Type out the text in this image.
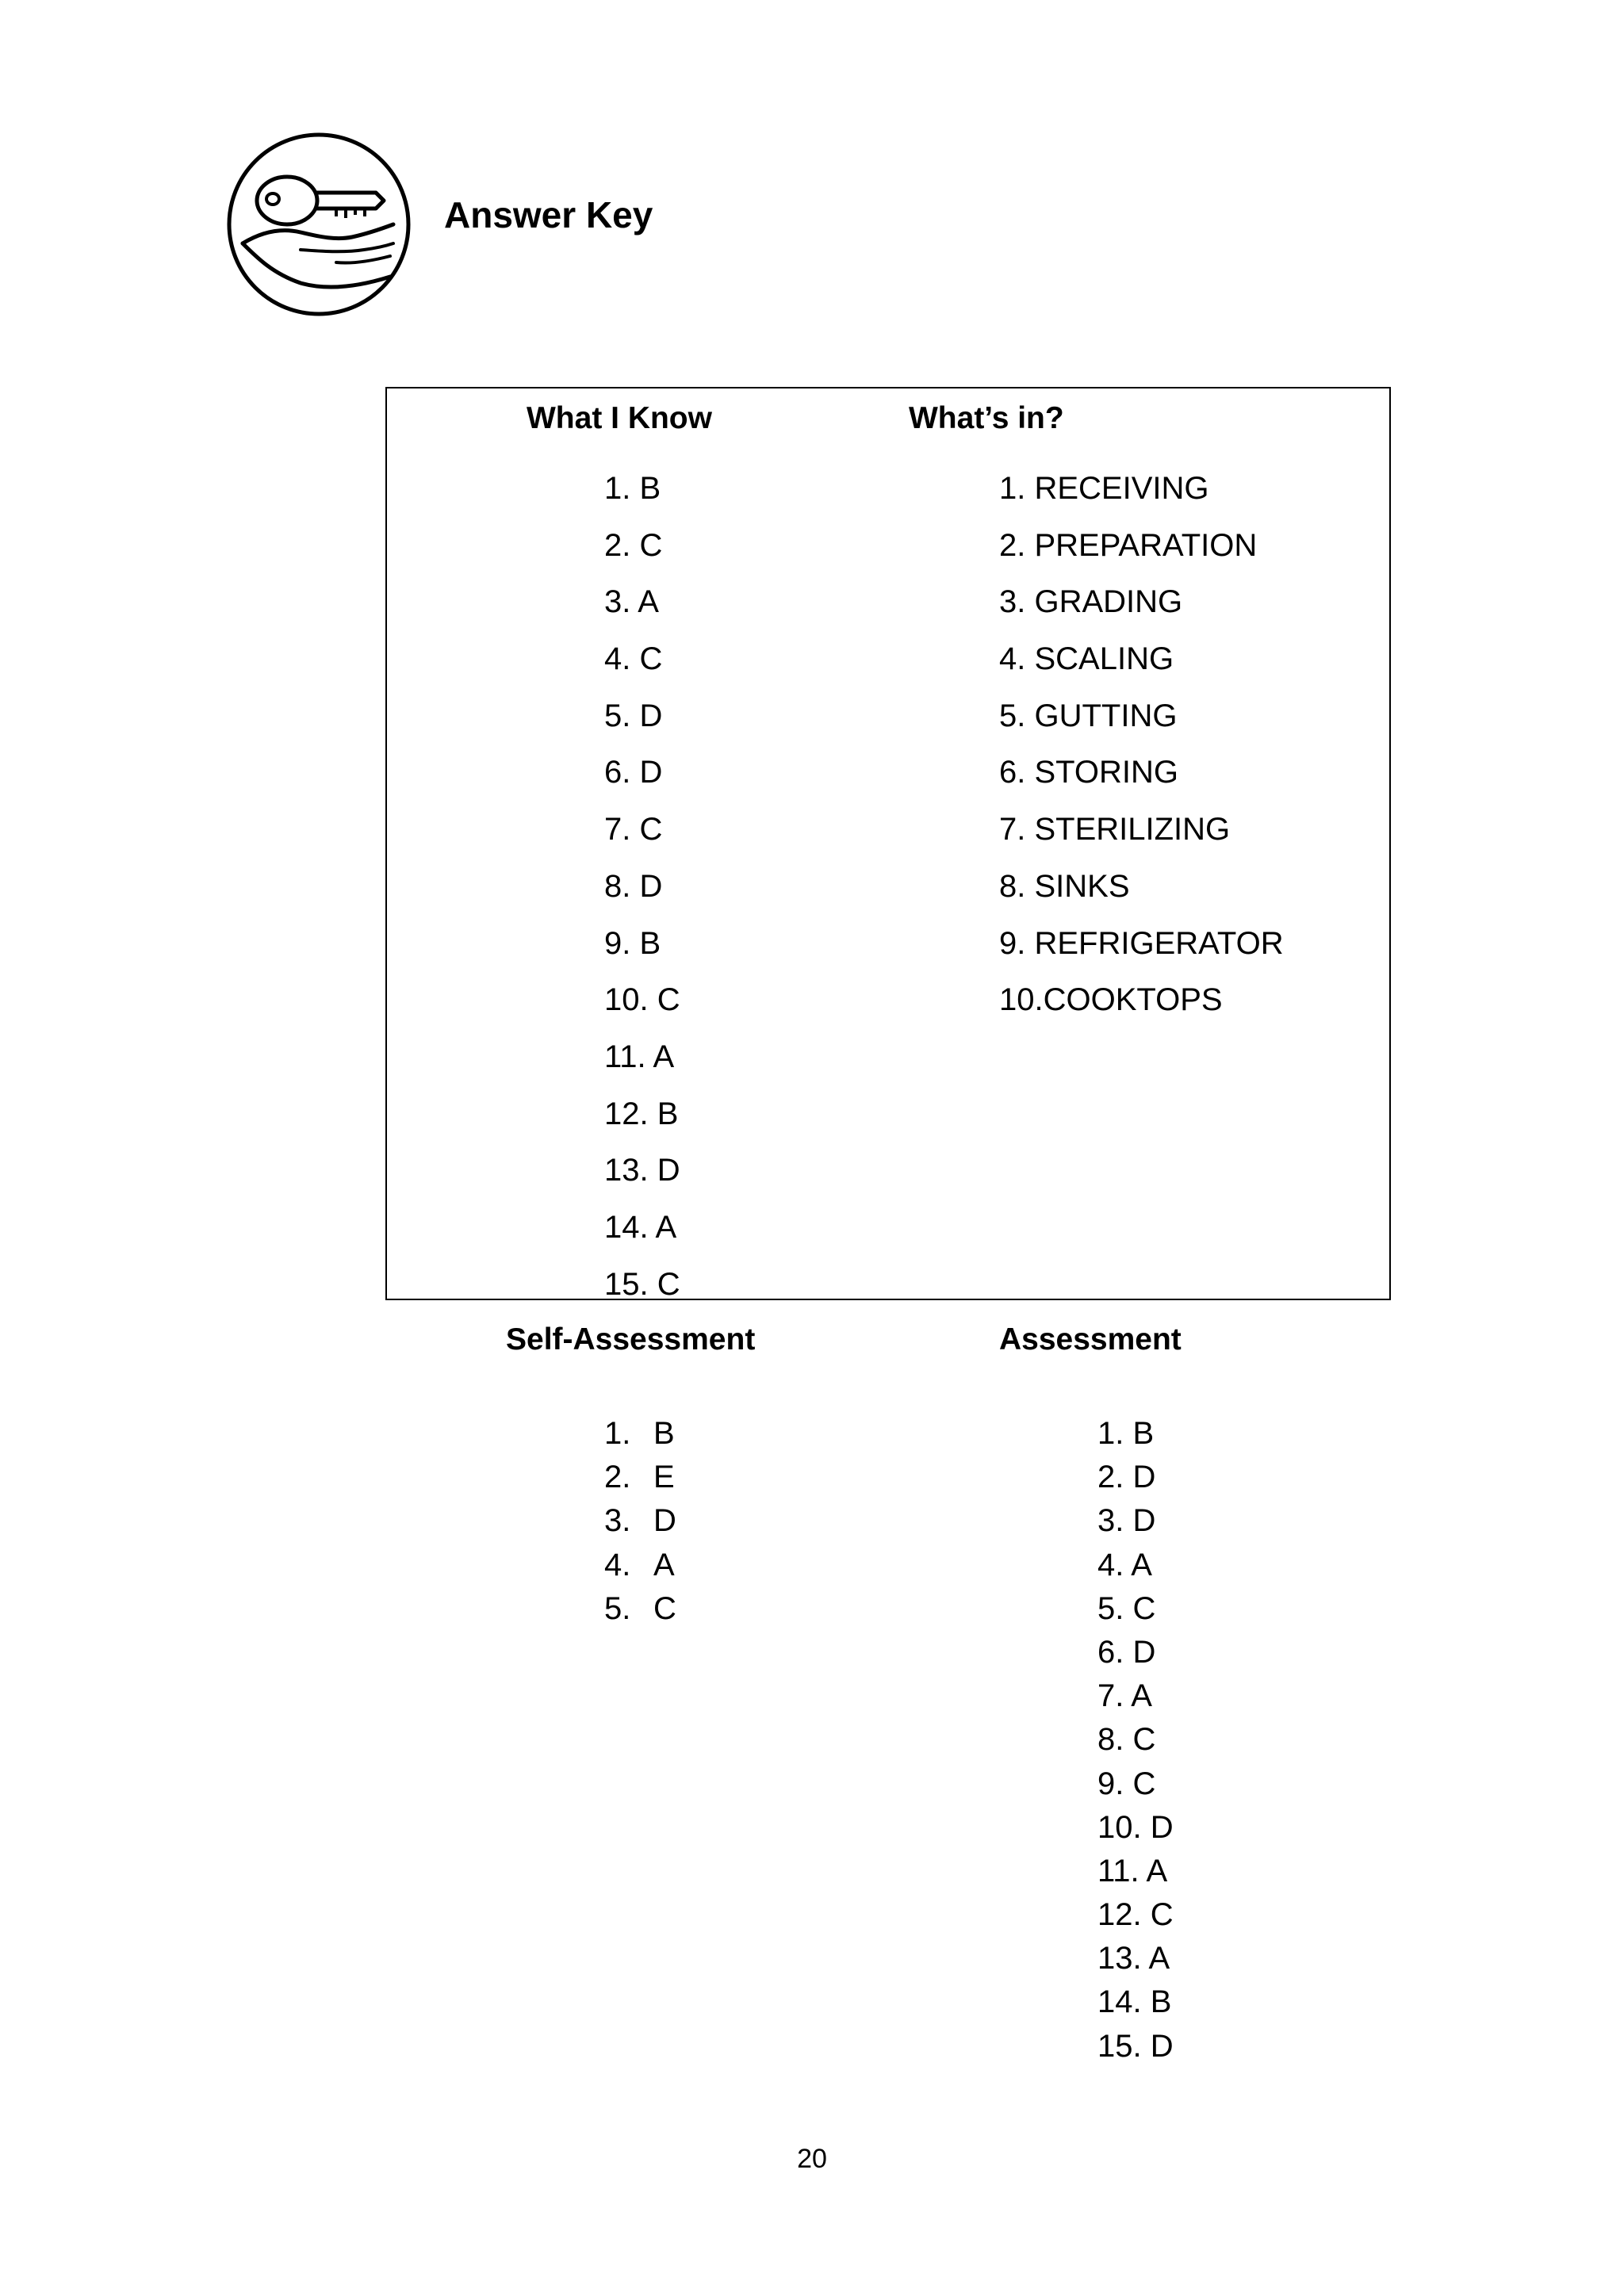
Answer Key
What I Know
1. B
2. C
3. A
4. C
5. D
6. D
7. C
8. D
9. B
10. C
11. A
12. B
13. D
14. A
15. C
What’s in?
1. RECEIVING
2. PREPARATION
3. GRADING
4. SCALING
5. GUTTING
6. STORING
7. STERILIZING
8. SINKS
9. REFRIGERATOR
10.COOKTOPS
Self-Assessment
1. B
2. E
3. D
4. A
5. C
Assessment
1. B
2. D
3. D
4. A
5. C
6. D
7. A
8. C
9. C
10. D
11. A
12. C
13. A
14. B
15. D
20
